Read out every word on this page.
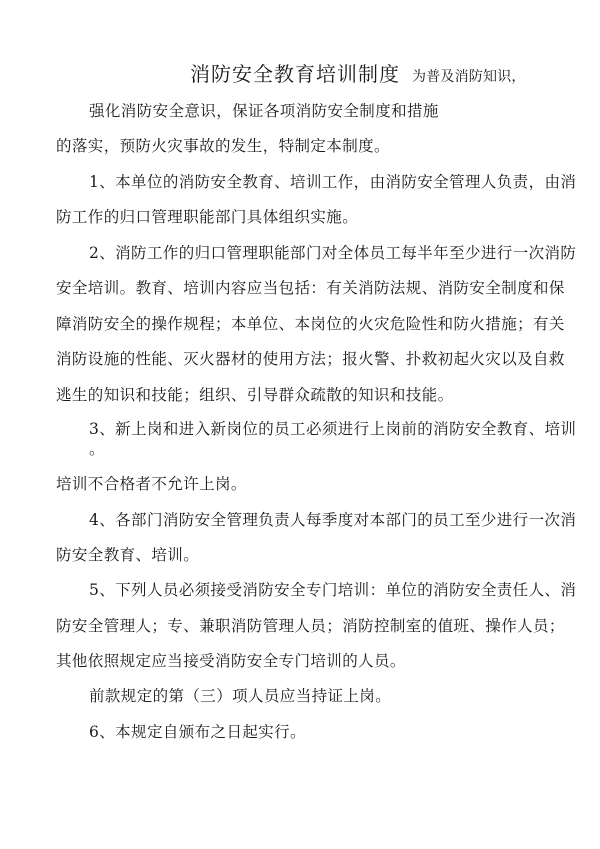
消防安全教育培训制度 为普及消防知识，
强化消防安全意识，保证各项消防安全制度和措施
的落实，预防火灾事故的发生，特制定本制度。
1、本单位的消防安全教育、培训工作，由消防安全管理人负责，由消
防工作的归口管理职能部门具体组织实施。
2、消防工作的归口管理职能部门对全体员工每半年至少进行一次消防
安全培训。教育、培训内容应当包括：有关消防法规、消防安全制度和保
障消防安全的操作规程；本单位、本岗位的火灾危险性和防火措施；有关
消防设施的性能、灭火器材的使用方法；报火警、扑救初起火灾以及自救
逃生的知识和技能；组织、引导群众疏散的知识和技能。
3、新上岗和进入新岗位的员工必须进行上岗前的消防安全教育、培训
。
培训不合格者不允许上岗。
4、各部门消防安全管理负责人每季度对本部门的员工至少进行一次消
防安全教育、培训。
5、下列人员必须接受消防安全专门培训：单位的消防安全责任人、消
防安全管理人；专、兼职消防管理人员；消防控制室的值班、操作人员；
其他依照规定应当接受消防安全专门培训的人员。
前款规定的第（三）项人员应当持证上岗。
6、本规定自颁布之日起实行。
